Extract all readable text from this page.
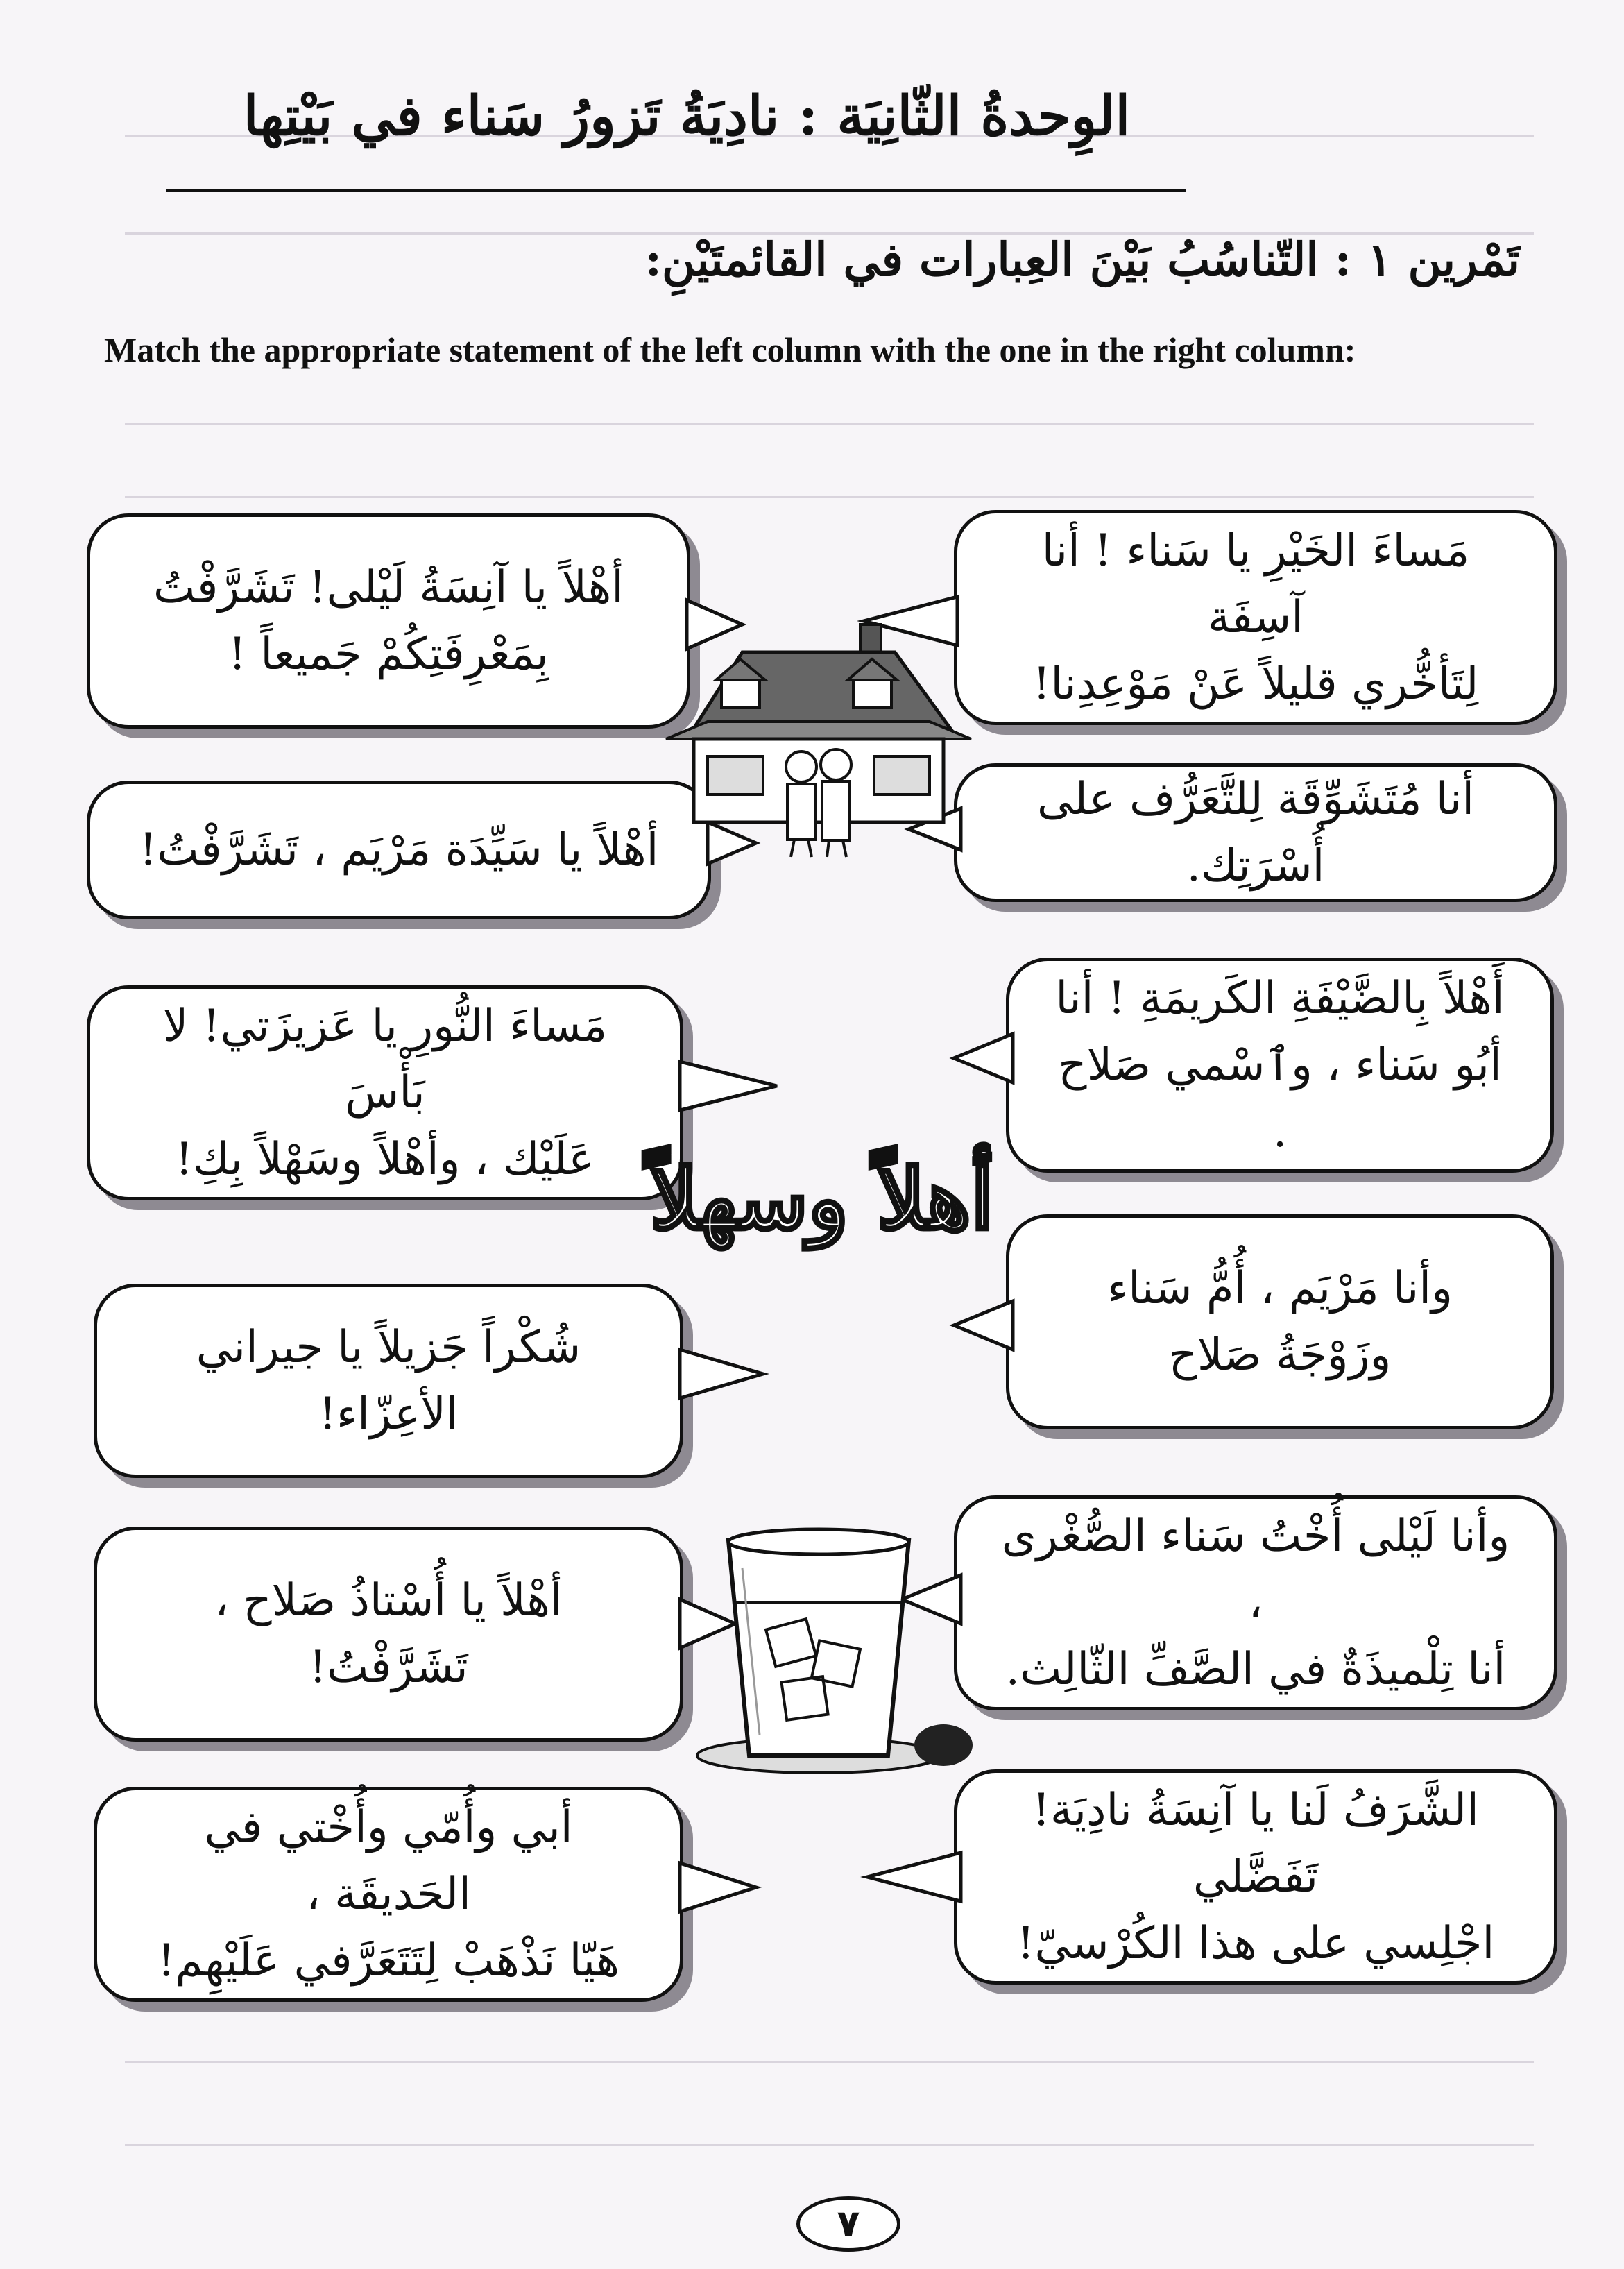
الوِحدةُ الثّانِيَة : نادِيَةُ تَزورُ سَناء في بَيْتِها
تَمْرين ١ : التّناسُبُ بَيْنَ العِبارات في القائمتَيْنِ:
Match the appropriate statement of the left column with the one in the right column:
مَساءَ الخَيْرِ يا سَناء ! أنا آسِفَة
لِتَأخُّري قليلاً عَنْ مَوْعِدِنا!
أنا مُتَشَوِّقَة لِلتَّعَرُّف على أُسْرَتِك.
أَهْلاً بِالضَّيْفَةِ الكَريمَةِ ! أنا
أبُو سَناء ، وٱسْمي صَلاح .
وأنا مَرْيَم ، أُمُّ سَناء
وزَوْجَةُ صَلاح
وأنا لَيْلى أُخْتُ سَناء الصُّغْرى ،
أنا تِلْميذَةٌ في الصَّفِّ الثّالِث.
الشَّرَفُ لَنا يا آنِسَةُ نادِيَة! تَفَضَّلي
اجْلِسي على هذا الكُرْسيّ!
أهْلاً يا آنِسَةُ لَيْلى! تَشَرَّفْتُ
بِمَعْرِفَتِكُمْ جَميعاً !
أهْلاً يا سَيِّدَة مَرْيَم ، تَشَرَّفْتُ!
مَساءَ النُّورِ يا عَزيزَتي! لا بَأْسَ
عَلَيْك ، وأهْلاً وسَهْلاً بِكِ!
شُكْراً جَزيلاً يا جيراني
الأعِزّاء!
أهْلاً يا أُسْتاذُ صَلاح ،
تَشَرَّفْتُ!
أبي وأُمّي وأُخْتي في الحَديقَة ،
هَيّا نَذْهَبْ لِتَتَعَرَّفي عَلَيْهِم!
أهلاً وسهلاً
٧
